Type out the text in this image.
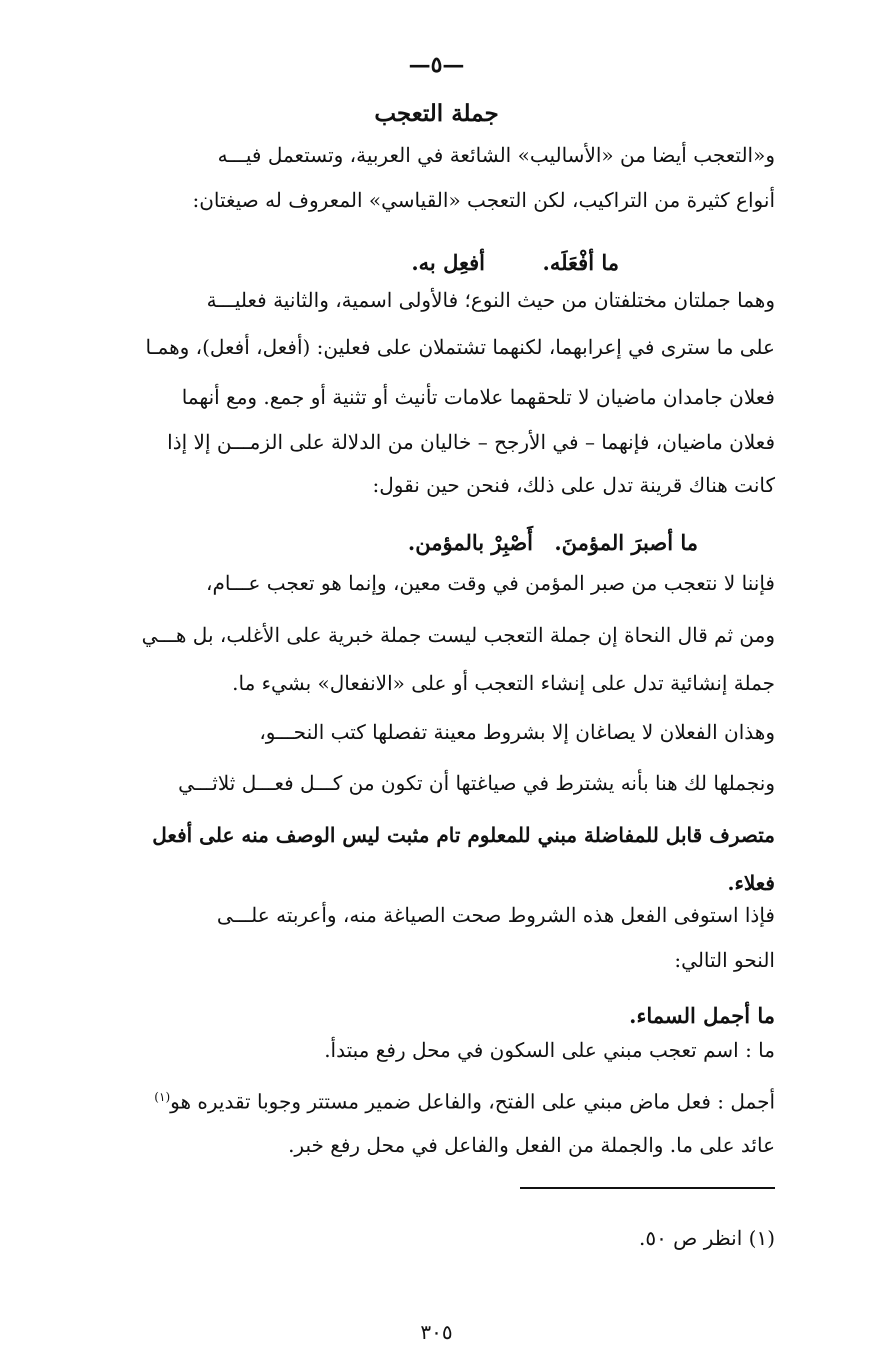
—٥—
جملة التعجب
و«التعجب أيضا من «الأساليب» الشائعة في العربية، وتستعمل فيـــه
أنواع كثيرة من التراكيب، لكن التعجب «القياسي» المعروف له صيغتان:
ما أفْعَلَه.
أفعِل به.
وهما جملتان مختلفتان من حيث النوع؛ فالأولى اسمية، والثانية فعليـــة
على ما سترى في إعرابهما، لكنهما تشتملان على فعلين: (أفعل، أفعل)، وهمـا
فعلان جامدان ماضيان لا تلحقهما علامات تأنيث أو تثنية أو جمع. ومع أنهما
فعلان ماضيان، فإنهما – في الأرجح – خاليان من الدلالة على الزمـــن إلا إذا
كانت هناك قرينة تدل على ذلك، فنحن حين نقول:
ما أصبرَ المؤمنَ.
أَصْبِرْ بالمؤمن.
فإننا لا نتعجب من صبر المؤمن في وقت معين، وإنما هو تعجب عـــام،
ومن ثم قال النحاة إن جملة التعجب ليست جملة خبرية على الأغلب، بل هـــي
جملة إنشائية تدل على إنشاء التعجب أو على «الانفعال» بشيء ما.
وهذان الفعلان لا يصاغان إلا بشروط معينة تفصلها كتب النحـــو،
ونجملها لك هنا بأنه يشترط في صياغتها أن تكون من كـــل فعـــل ثلاثـــي
متصرف قابل للمفاضلة مبني للمعلوم تام مثبت ليس الوصف منه على أفعل
فعلاء.
فإذا استوفى الفعل هذه الشروط صحت الصياغة منه، وأعربته علـــى
النحو التالي:
ما أجمل السماء.
ما : اسم تعجب مبني على السكون في محل رفع مبتدأ.
أجمل : فعل ماض مبني على الفتح، والفاعل ضمير مستتر وجوبا تقديره هو$^{(١)}$
عائد على ما. والجملة من الفعل والفاعل في محل رفع خبر.
(١) انظر ص ٥٠.
٣٠٥
